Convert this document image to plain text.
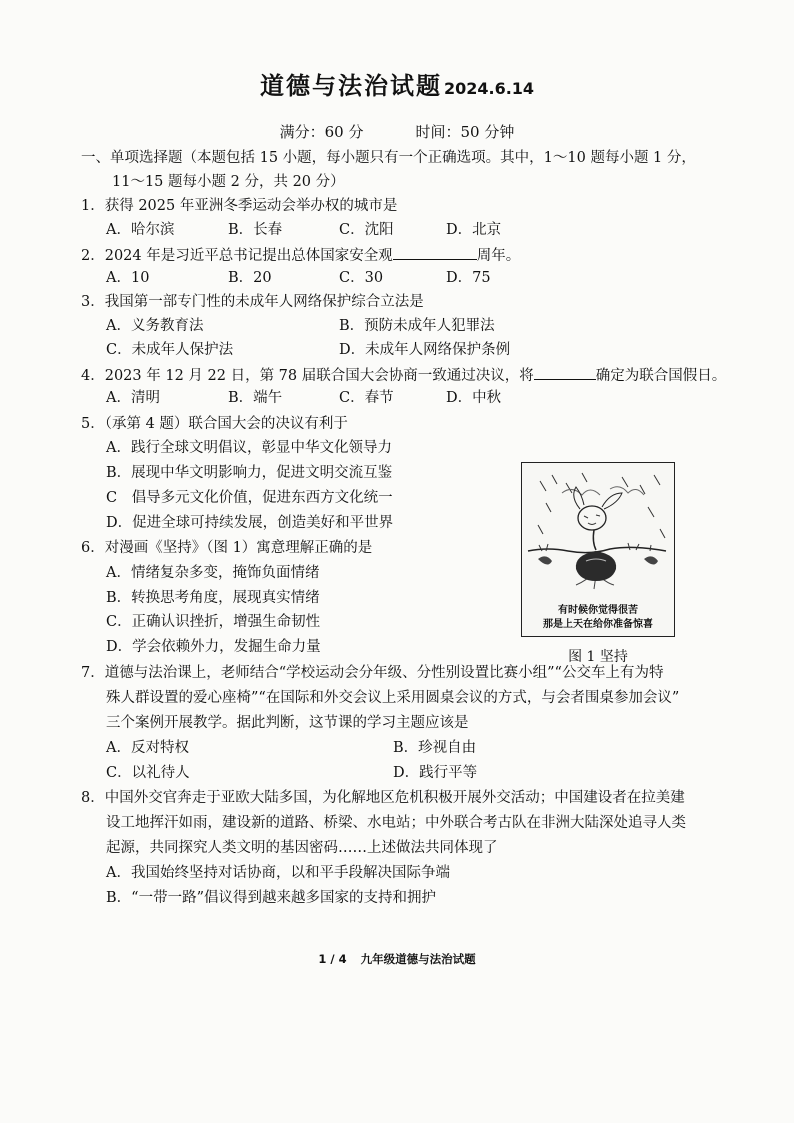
道德与法治试题 2024.6.14
满分：60 分	时间：50 分钟
一、单项选择题（本题包括 15 小题，每小题只有一个正确选项。其中，1～10 题每小题 1 分，
11～15 题每小题 2 分，共 20 分）
1．获得 2025 年亚洲冬季运动会举办权的城市是
A．哈尔滨	B．长春	C．沈阳	D．北京
2．2024 年是习近平总书记提出总体国家安全观	周年。
A．10	B．20	C．30	D．75
3．我国第一部专门性的未成年人网络保护综合立法是
A．义务教育法	B．预防未成年人犯罪法
C．未成年人保护法	D．未成年人网络保护条例
4．2023 年 12 月 22 日，第 78 届联合国大会协商一致通过决议，将	确定为联合国假日。
A．清明	B．端午	C．春节	D．中秋
5．（承第 4 题）联合国大会的决议有利于
A．践行全球文明倡议，彰显中华文化领导力
B．展现中华文明影响力，促进文明交流互鉴
C　倡导多元文化价值，促进东西方文化统一
D．促进全球可持续发展，创造美好和平世界
6．对漫画《坚持》（图 1）寓意理解正确的是
A．情绪复杂多变，掩饰负面情绪
B．转换思考角度，展现真实情绪
C．正确认识挫折，增强生命韧性
D．学会依赖外力，发掘生命力量
有时候你觉得很苦
那是上天在给你准备惊喜
图 1 坚持
7．道德与法治课上，老师结合“学校运动会分年级、分性别设置比赛小组”“公交车上有为特
殊人群设置的爱心座椅”“在国际和外交会议上采用圆桌会议的方式，与会者围桌参加会议”
三个案例开展教学。据此判断，这节课的学习主题应该是
A．反对特权	B．珍视自由
C．以礼待人	D．践行平等
8．中国外交官奔走于亚欧大陆多国，为化解地区危机积极开展外交活动；中国建设者在拉美建
设工地挥汗如雨，建设新的道路、桥梁、水电站；中外联合考古队在非洲大陆深处追寻人类
起源，共同探究人类文明的基因密码……上述做法共同体现了
A．我国始终坚持对话协商，以和平手段解决国际争端
B．“一带一路”倡议得到越来越多国家的支持和拥护
1 / 4 九年级道德与法治试题
